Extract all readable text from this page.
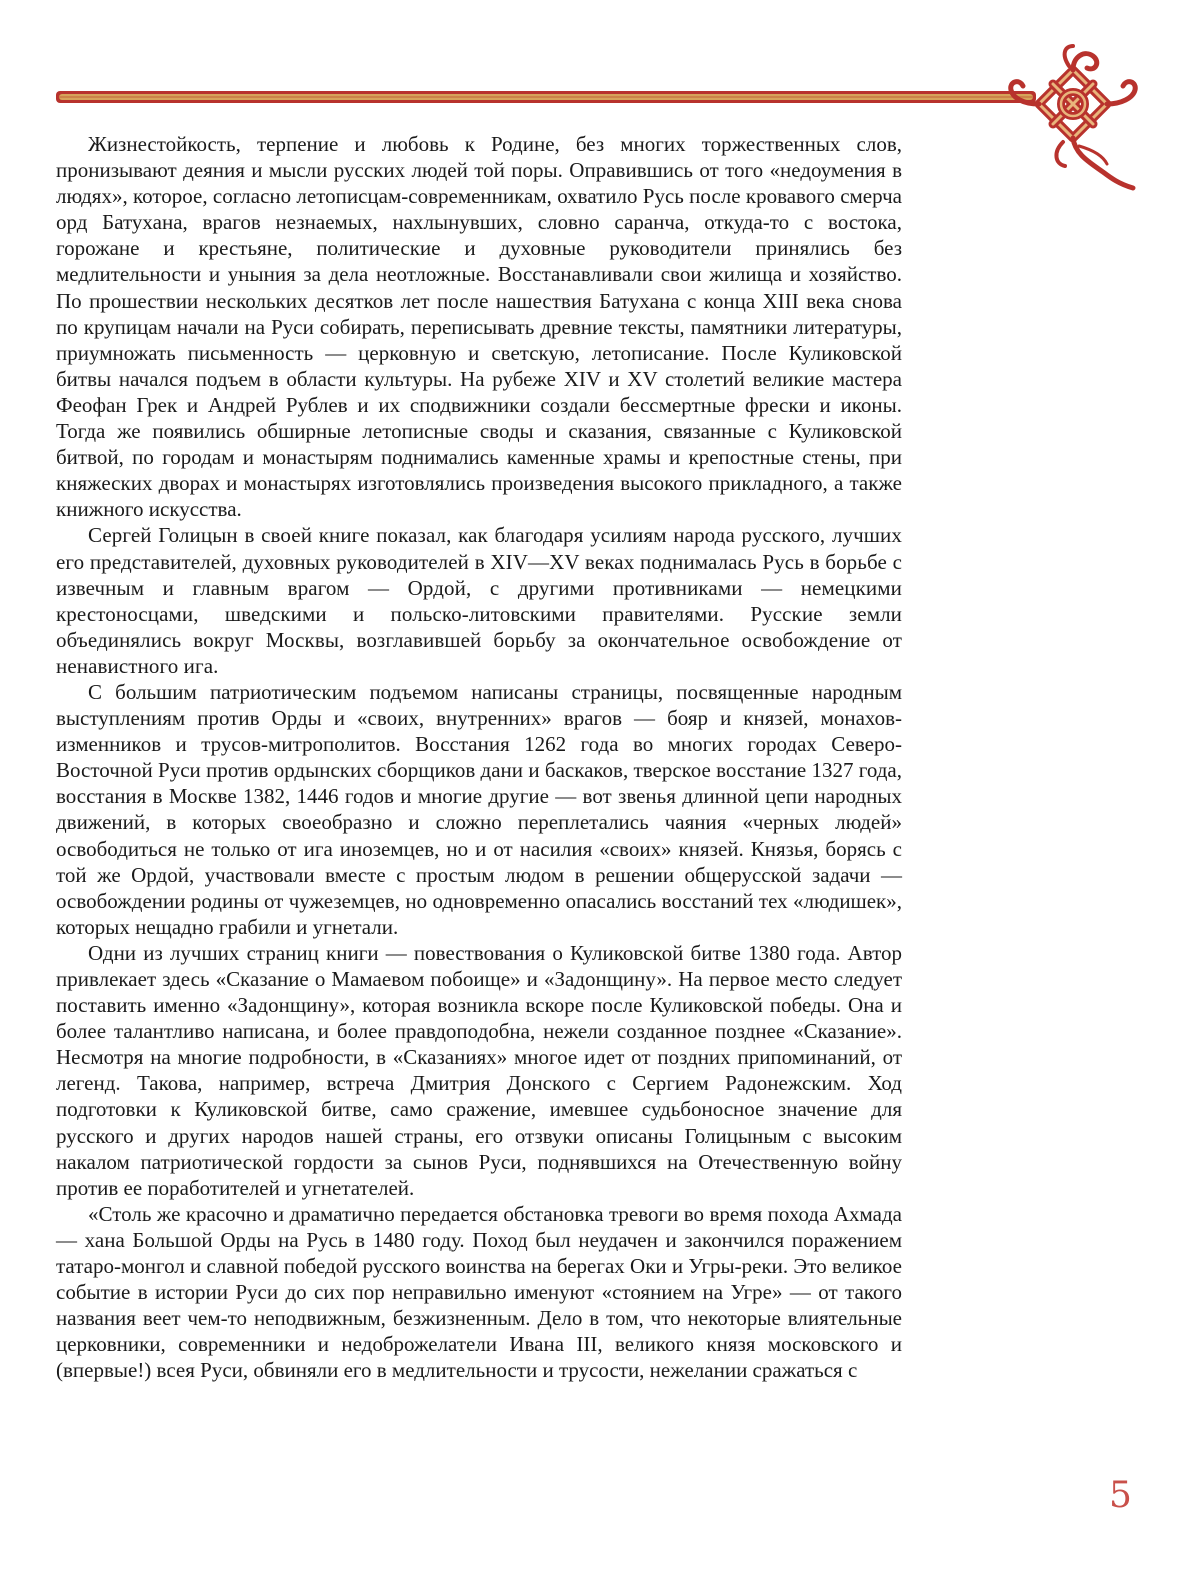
Жизнестойкость, терпение и любовь к Родине, без многих торжественных слов, пронизывают деяния и мысли русских людей той поры. Оправившись от того «недоумения в людях», которое, согласно летописцам-современникам, охватило Русь после кровавого смерча орд Батухана, врагов незнаемых, нахлынувших, словно саранча, откуда-то с востока, горожане и крестьяне, политические и духовные руководители принялись без медлительности и уныния за дела неотложные. Восстанавливали свои жилища и хозяйство. По прошествии нескольких десятков лет после нашествия Батухана с конца XIII века снова по крупицам начали на Руси собирать, переписывать древние тексты, памятники литературы, приумножать письменность — церковную и светскую, летописание. После Куликовской битвы начался подъем в области культуры. На рубеже XIV и XV столетий великие мастера Феофан Грек и Андрей Рублев и их сподвижники создали бессмертные фрески и иконы. Тогда же появились обширные летописные своды и сказания, связанные с Куликовской битвой, по городам и монастырям поднимались каменные храмы и крепостные стены, при княжеских дворах и монастырях изготовлялись произведения высокого прикладного, а также книжного искусства.

Сергей Голицын в своей книге показал, как благодаря усилиям народа русского, лучших его представителей, духовных руководителей в XIV—XV веках поднималась Русь в борьбе с извечным и главным врагом — Ордой, с другими противниками — немецкими крестоносцами, шведскими и польско-литовскими правителями. Русские земли объединялись вокруг Москвы, возглавившей борьбу за окончательное освобождение от ненавистного ига.

С большим патриотическим подъемом написаны страницы, посвященные народным выступлениям против Орды и «своих, внутренних» врагов — бояр и князей, монахов-изменников и трусов-митрополитов. Восстания 1262 года во многих городах Северо-Восточной Руси против ордынских сборщиков дани и баскаков, тверское восстание 1327 года, восстания в Москве 1382, 1446 годов и многие другие — вот звенья длинной цепи народных движений, в которых своеобразно и сложно переплетались чаяния «черных людей» освободиться не только от ига иноземцев, но и от насилия «своих» князей. Князья, борясь с той же Ордой, участвовали вместе с простым людом в решении общерусской задачи — освобождении родины от чужеземцев, но одновременно опасались восстаний тех «людишек», которых нещадно грабили и угнетали.

Одни из лучших страниц книги — повествования о Куликовской битве 1380 года. Автор привлекает здесь «Сказание о Мамаевом побоище» и «Задонщину». На первое место следует поставить именно «Задонщину», которая возникла вскоре после Куликовской победы. Она и более талантливо написана, и более правдоподобна, нежели созданное позднее «Сказание». Несмотря на многие подробности, в «Сказаниях» многое идет от поздних припоминаний, от легенд. Такова, например, встреча Дмитрия Донского с Сергием Радонежским. Ход подготовки к Куликовской битве, само сражение, имевшее судьбоносное значение для русского и других народов нашей страны, его отзвуки описаны Голицыным с высоким накалом патриотической гордости за сынов Руси, поднявшихся на Отечественную войну против ее поработителей и угнетателей.

«Столь же красочно и драматично передается обстановка тревоги во время похода Ахмада — хана Большой Орды на Русь в 1480 году. Поход был неудачен и закончился поражением татаро-монгол и славной победой русского воинства на берегах Оки и Угры-реки. Это великое событие в истории Руси до сих пор неправильно именуют «стоянием на Угре» — от такого названия веет чем-то неподвижным, безжизненным. Дело в том, что некоторые влиятельные церковники, современники и недоброжелатели Ивана III, великого князя московского и (впервые!) всея Руси, обвиняли его в медлительности и трусости, нежелании сражаться с

5
